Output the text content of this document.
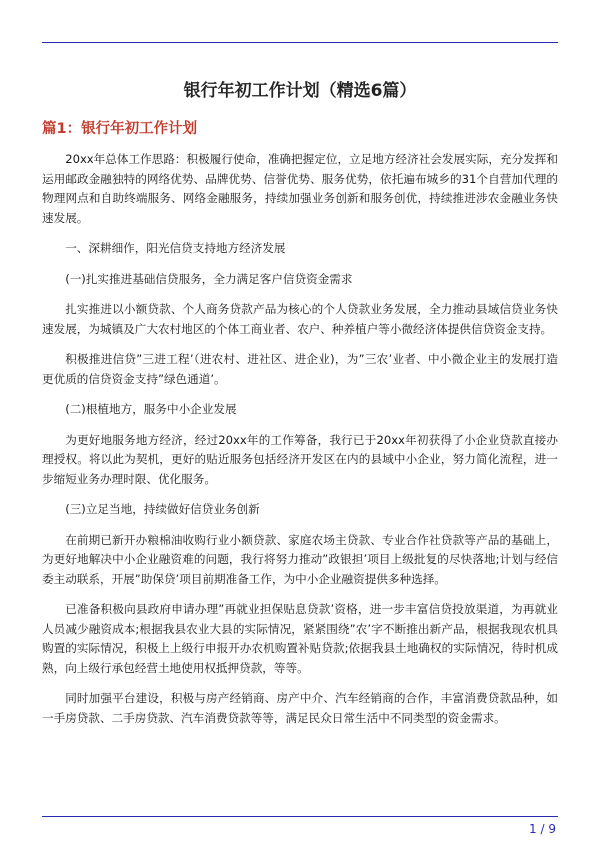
银行年初工作计划（精选6篇）
篇1：银行年初工作计划

20xx年总体工作思路：积极履行使命，准确把握定位，立足地方经济社会发展实际，充分发挥和运用邮政金融独特的网络优势、品牌优势、信誉优势、服务优势，依托遍布城乡的31个自营加代理的物理网点和自助终端服务、网络金融服务，持续加强业务创新和服务创优，持续推进涉农金融业务快速发展。

一、深耕细作，阳光信贷支持地方经济发展

(一)扎实推进基础信贷服务，全力满足客户信贷资金需求

扎实推进以小额贷款、个人商务贷款产品为核心的个人贷款业务发展，全力推动县域信贷业务快速发展，为城镇及广大农村地区的个体工商业者、农户、种养植户等小微经济体提供信贷资金支持。

积极推进信贷”三进工程’（进农村、进社区、进企业)，为”三农’业者、中小微企业主的发展打造更优质的信贷资金支持”绿色通道’。

(二)根植地方，服务中小企业发展

为更好地服务地方经济，经过20xx年的工作筹备，我行已于20xx年初获得了小企业贷款直接办理授权。将以此为契机，更好的贴近服务包括经济开发区在内的县域中小企业，努力简化流程，进一步缩短业务办理时限、优化服务。

(三)立足当地，持续做好信贷业务创新

在前期已新开办粮棉油收购行业小额贷款、家庭农场主贷款、专业合作社贷款等产品的基础上，为更好地解决中小企业融资难的问题，我行将努力推动”政银担’项目上级批复的尽快落地;计划与经信委主动联系，开展”助保贷’项目前期准备工作，为中小企业融资提供多种选择。

已准备积极向县政府申请办理”再就业担保贴息贷款’资格，进一步丰富信贷投放渠道，为再就业人员减少融资成本;根据我县农业大县的实际情况，紧紧围绕”农’字不断推出新产品，根据我现农机具购置的实际情况，积极上上级行申报开办农机购置补贴贷款;依据我县土地确权的实际情况，待时机成熟，向上级行承包经营土地使用权抵押贷款，等等。

同时加强平台建设，积极与房产经销商、房产中介、汽车经销商的合作，丰富消费贷款品种，如一手房贷款、二手房贷款、汽车消费贷款等等，满足民众日常生活中不同类型的资金需求。

1 / 9
